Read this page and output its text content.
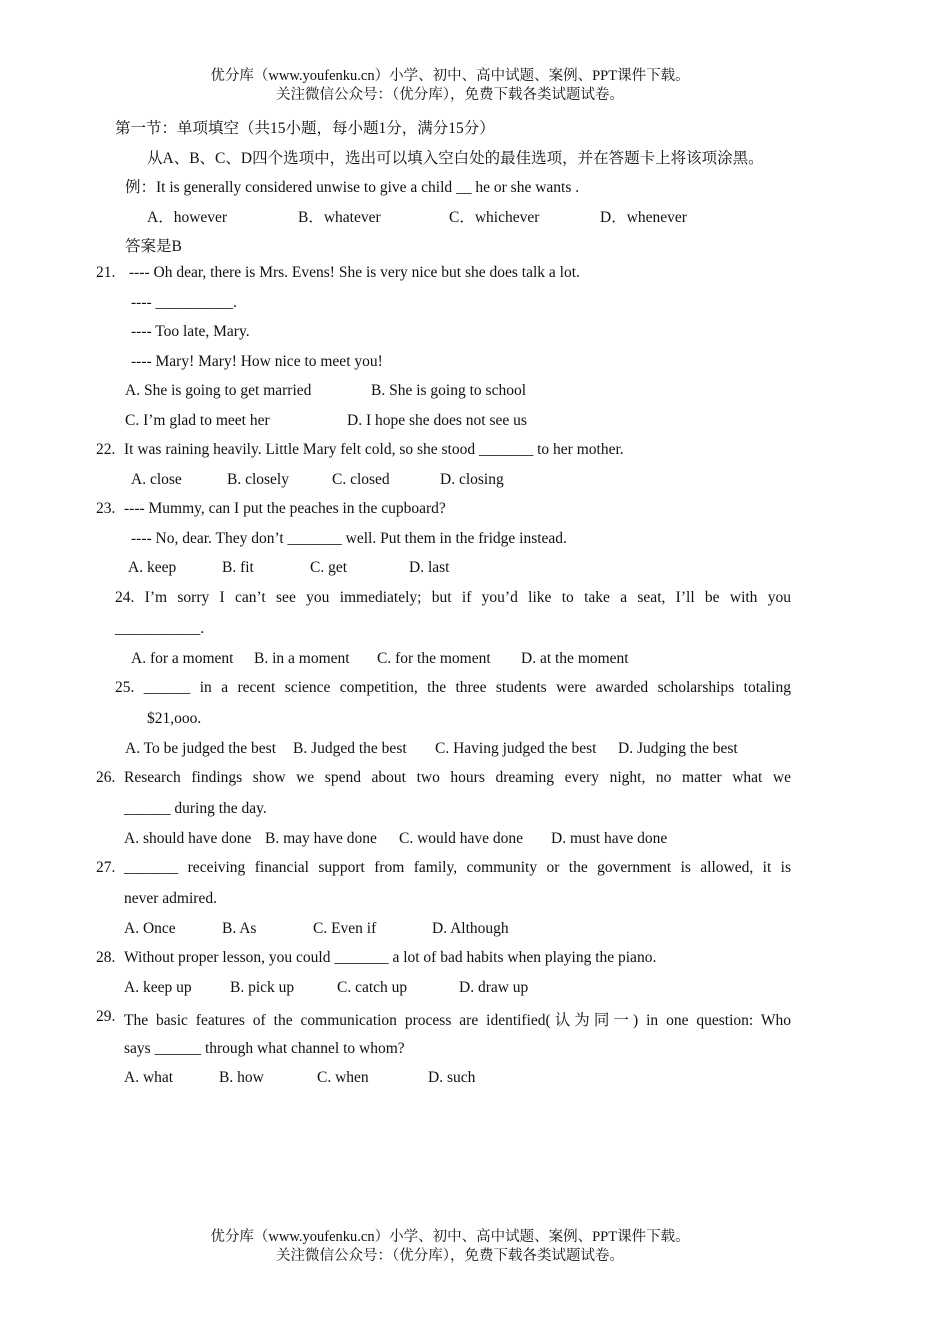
优分库（www.youfenku.cn）小学、初中、高中试题、案例、PPT课件下载。
关注微信公众号：（优分库），免费下载各类试题试卷。
第一节：单项填空（共15小题，每小题1分，满分15分）
从A、B、C、D四个选项中，选出可以填入空白处的最佳选项，并在答题卡上将该项涂黑。
例：It is generally considered unwise to give a child __ he or she wants .
A．however	B．whatever	C．whichever	D．whenever
答案是B
21. ---- Oh dear, there is Mrs. Evens! She is very nice but she does talk a lot.
---- __________.
---- Too late, Mary.
---- Mary! Mary! How nice to meet you!
A. She is going to get married	B. She is going to school
C. I’m glad to meet her	D. I hope she does not see us
22. It was raining heavily. Little Mary felt cold, so she stood _______ to her mother.
A. close	B. closely	C. closed	D. closing
23. ---- Mummy, can I put the peaches in the cupboard?
---- No, dear. They don’t _______ well. Put them in the fridge instead.
A. keep	B. fit	C. get	D. last
24. I’m sorry I can’t see you immediately; but if you’d like to take a seat, I’ll be with you
___________.
A. for a moment B. in a moment C. for the moment D. at the moment
25. ______ in a recent science competition, the three students were awarded scholarships totaling
$21,ooo.
A. To be judged the best B. Judged the best C. Having judged the best D. Judging the best
26. Research findings show we spend about two hours dreaming every night, no matter what we
______ during the day.
A. should have done B. may have done C. would have done D. must have done
27. _______ receiving financial support from family, community or the government is allowed, it is
never admired.
A. Once	B. As	C. Even if	D. Although
28. Without proper lesson, you could _______ a lot of bad habits when playing the piano.
A. keep up B. pick up	C. catch up	D. draw up
29. The basic features of the communication process are identified(认为同一) in one question: Who
says ______ through what channel to whom?
A. what	B. how	C. when	D. such
优分库（www.youfenku.cn）小学、初中、高中试题、案例、PPT课件下载。
关注微信公众号：（优分库），免费下载各类试题试卷。
